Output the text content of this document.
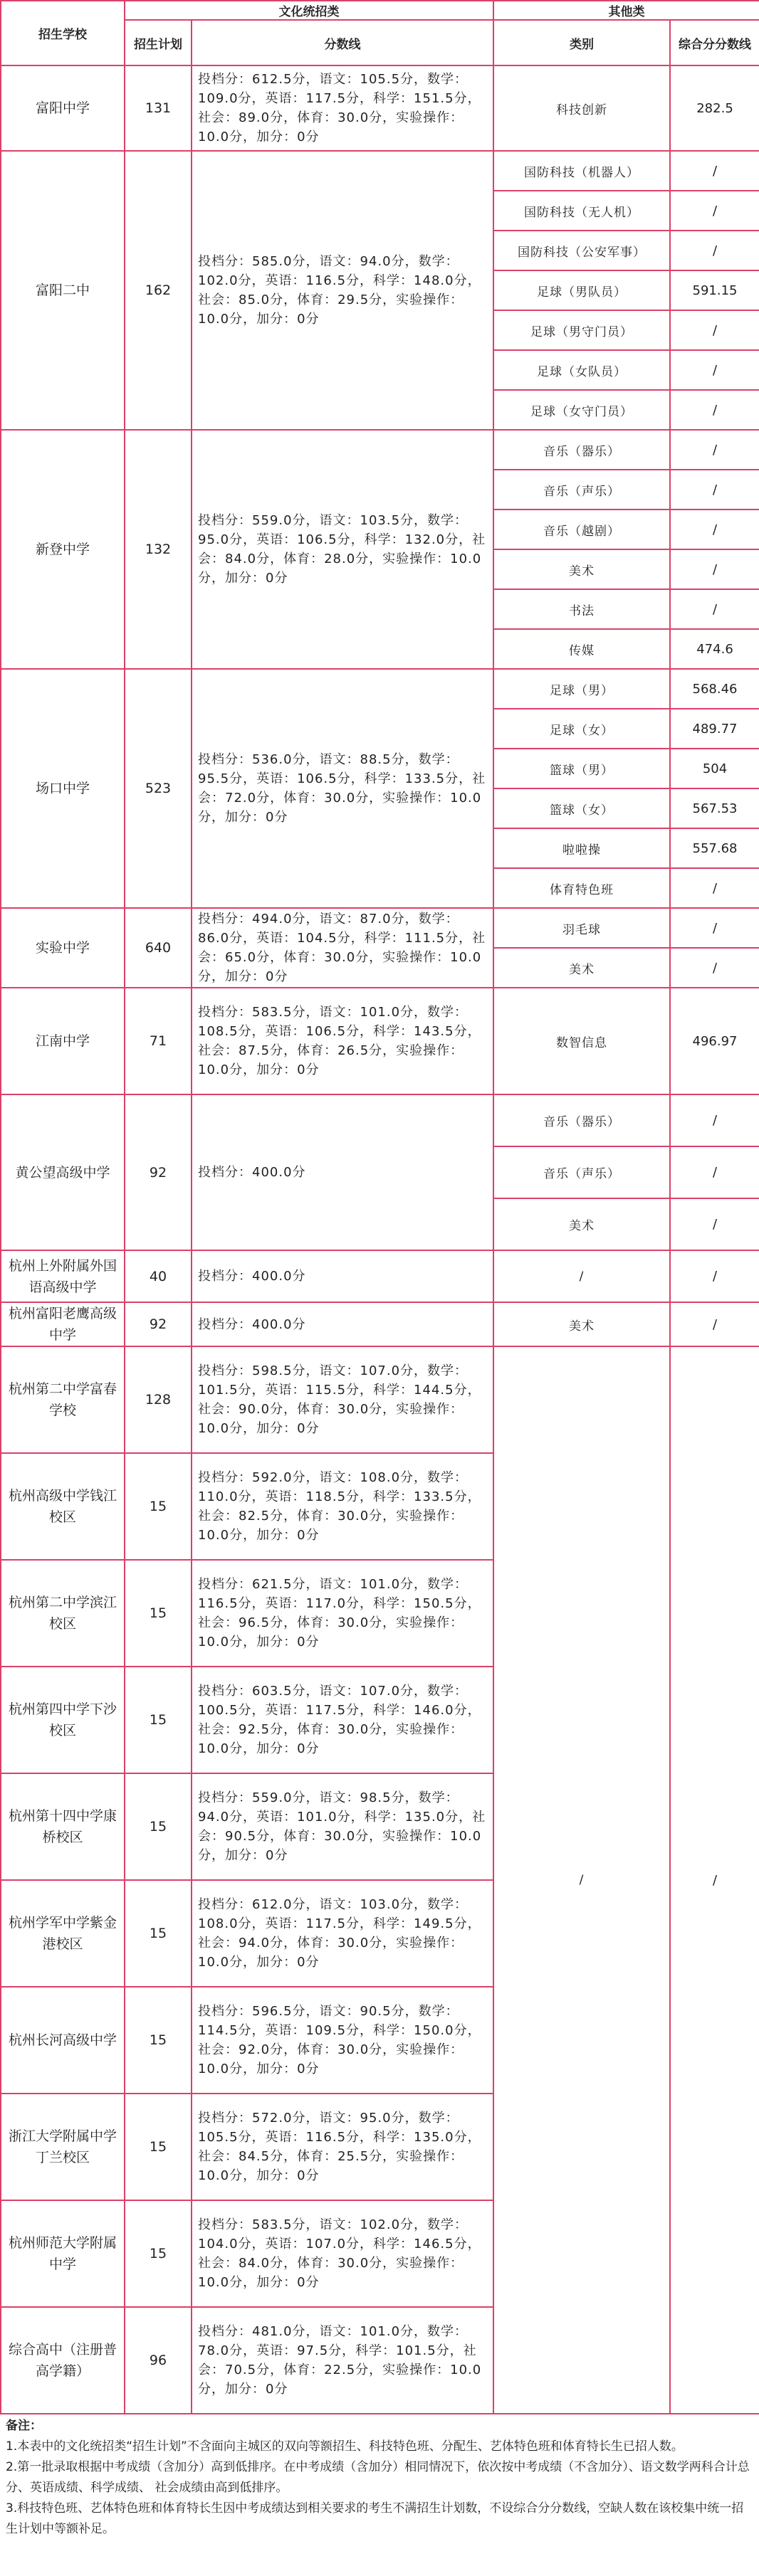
招生学校	文化统招类		其他类	
	招生计划	分数线	类别	综合分分数线
富阳中学	131	投档分：612.5分，语文：105.5分，数学：109.0分，英语：117.5分，科学：151.5分，社会：89.0分，体育：30.0分，实验操作：10.0分，加分：0分	科技创新	282.5
富阳二中	162	投档分：585.0分，语文：94.0分，数学：102.0分，英语：116.5分，科学：148.0分，社会：85.0分，体育：29.5分，实验操作：10.0分，加分：0分	国防科技（机器人）	/
			国防科技（无人机）	/
			国防科技（公安军事）	/
			足球（男队员）	591.15
			足球（男守门员）	/
			足球（女队员）	/
			足球（女守门员）	/
新登中学	132	投档分：559.0分，语文：103.5分，数学：95.0分，英语：106.5分，科学：132.0分，社会：84.0分，体育：28.0分，实验操作：10.0分，加分：0分	音乐（器乐）	/
			音乐（声乐）	/
			音乐（越剧）	/
			美术	/
			书法	/
			传媒	474.6
场口中学	523	投档分：536.0分，语文：88.5分，数学：95.5分，英语：106.5分，科学：133.5分，社会：72.0分，体育：30.0分，实验操作：10.0分，加分：0分	足球（男）	568.46
			足球（女）	489.77
			篮球（男）	504
			篮球（女）	567.53
			啦啦操	557.68
			体育特色班	/
实验中学	640	投档分：494.0分，语文：87.0分，数学：86.0分，英语：104.5分，科学：111.5分，社会：65.0分，体育：30.0分，实验操作：10.0分，加分：0分	羽毛球	/
			美术	/
江南中学	71	投档分：583.5分，语文：101.0分，数学：108.5分，英语：106.5分，科学：143.5分，社会：87.5分，体育：26.5分，实验操作：10.0分，加分：0分	数智信息	496.97
黄公望高级中学	92	投档分：400.0分	音乐（器乐）	/
			音乐（声乐）	/
			美术	/
杭州上外附属外国语高级中学	40	投档分：400.0分	/	/
杭州富阳老鹰高级中学	92	投档分：400.0分	美术	/
杭州第二中学富春学校	128	投档分：598.5分，语文：107.0分，数学：101.5分，英语：115.5分，科学：144.5分，社会：90.0分，体育：30.0分，实验操作：10.0分，加分：0分	/	/
杭州高级中学钱江校区	15	投档分：592.0分，语文：108.0分，数学：110.0分，英语：118.5分，科学：133.5分，社会：82.5分，体育：30.0分，实验操作：10.0分，加分：0分		
杭州第二中学滨江校区	15	投档分：621.5分，语文：101.0分，数学：116.5分，英语：117.0分，科学：150.5分，社会：96.5分，体育：30.0分，实验操作：10.0分，加分：0分		
杭州第四中学下沙校区	15	投档分：603.5分，语文：107.0分，数学：100.5分，英语：117.5分，科学：146.0分，社会：92.5分，体育：30.0分，实验操作：10.0分，加分：0分		
杭州第十四中学康桥校区	15	投档分：559.0分，语文：98.5分，数学：94.0分，英语：101.0分，科学：135.0分，社会：90.5分，体育：30.0分，实验操作：10.0分，加分：0分		
杭州学军中学紫金港校区	15	投档分：612.0分，语文：103.0分，数学：108.0分，英语：117.5分，科学：149.5分，社会：94.0分，体育：30.0分，实验操作：10.0分，加分：0分		
杭州长河高级中学	15	投档分：596.5分，语文：90.5分，数学：114.5分，英语：109.5分，科学：150.0分，社会：92.0分，体育：30.0分，实验操作：10.0分，加分：0分		
浙江大学附属中学丁兰校区	15	投档分：572.0分，语文：95.0分，数学：105.5分，英语：116.5分，科学：135.0分，社会：84.5分，体育：25.5分，实验操作：10.0分，加分：0分		
杭州师范大学附属中学	15	投档分：583.5分，语文：102.0分，数学：104.0分，英语：107.0分，科学：146.5分，社会：84.0分，体育：30.0分，实验操作：10.0分，加分：0分		
综合高中（注册普高学籍）	96	投档分：481.0分，语文：101.0分，数学：78.0分，英语：97.5分，科学：101.5分，社会：70.5分，体育：22.5分，实验操作：10.0分，加分：0分		
备注：
1.本表中的文化统招类“招生计划”不含面向主城区的双向等额招生、科技特色班、分配生、艺体特色班和体育特长生已招人数。
2.第一批录取根据中考成绩（含加分）高到低排序。在中考成绩（含加分）相同情况下，依次按中考成绩（不含加分）、语文数学两科合计总分、英语成绩、科学成绩、 社会成绩由高到低排序。
3.科技特色班、艺体特色班和体育特长生因中考成绩达到相关要求的考生不满招生计划数，不设综合分分数线，空缺人数在该校集中统一招生计划中等额补足。
